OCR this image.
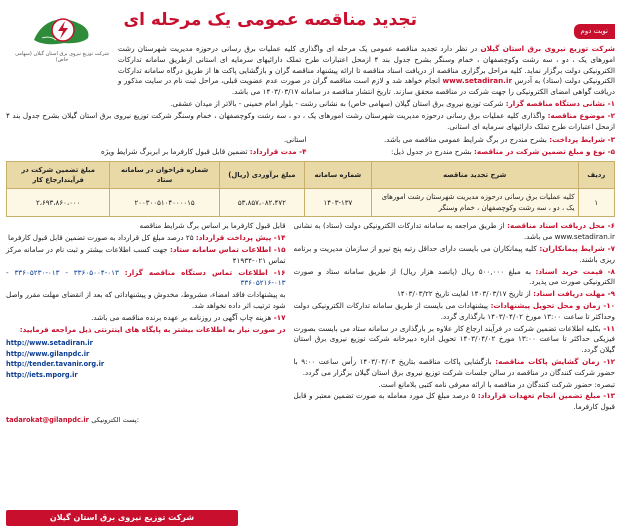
نوبت دوم
تجدید مناقصه عمومی یک مرحله ای
شرکت توزیع نیروی برق استان گیلان (سهامی خاص)
شرکت توزیع نیروی برق استان گیلان در نظر دارد تجدید مناقصه عمومی یک مرحله ای واگذاری کلیه عملیات برق رسانی درحوزه مدیریت شهرستان رشت امورهای یک ، دو ، سه رشت وکوچصفهان ، خمام وسنگر بشرح جدول بند ۴ ازمحل اعتبارات طرح تملک دارائیهای سرمایه ای استانی ازطریق سامانه تدارکات الکترونیکی دولت برگزار نماید. کلیه مراحل برگزاری مناقصه از دریافت اسناد مناقصه تا ارائه پیشنهاد مناقصه گران و بازگشایی پاکت ها از طریق درگاه سامانه تدارکات الکترونیکی دولت (ستاد) به آدرس www.setadiran.ir انجام خواهد شد و لازم است مناقصه گران در صورت عدم عضویت قبلی، مراحل ثبت نام در سایت مذکور و دریافت گواهی امضای الکترونیکی را جهت شرکت در مناقصه محقق سازند. تاریخ انتشار مناقصه در سامانه ۱۴۰۳/۰۳/۱۷ می باشد.
۱- نشانی دستگاه مناقصه گزار: شرکت توزیع نیروی برق استان گیلان (سهامی خاص) به نشانی رشت - بلوار امام خمینی - بالاتر از میدان عشقی.
۲- موضوع مناقصه: واگذاری کلیه عملیات برق رسانی درحوزه مدیریت شهرستان رشت امورهای یک ، دو ، سه رشت وکوچصفهان ، خمام وسنگر شرکت توزیع نیروی برق استان گیلان بشرح جدول بند ۴ ازمحل اعتبارات طرح تملک دارائیهای سرمایه ای استانی.
۳- شرایط پرداخت: بشرح مندرج در برگ شرایط عمومی مناقصه می باشد.
۵- نوع و مبلغ تضمین شرکت در مناقصه: بشرح مندرج در جدول ذیل:
استانی.
۴- مدت قرارداد: تضمین قابل قبول کارفرما بر ابربرگ شرایط ویژه
ردیف	شرح تجدید مناقصه	شماره سامانه	مبلغ برآوردی (ریال)	شماره فراخوان در سامانه ستاد	مبلغ تضمین شرکت در فرآیندارجاع کار
۱	کلیه عملیات برق رسانی درحوزه مدیریت شهرستان رشت امورهای یک ، دو ، سه رشت وکوچصفهان ، خمام وسنگر	۱۴۰۳-۱۳۷	۵۳،۸۵۷،۰۸۲،۴۷۲	۲۰۰۳۰۰۵۱۰۴۰۰۰۰۱۵	۲،۶۹۳،۸۶۰،۰۰۰
۶- محل دریافت اسناد مناقصه: از طریق مراجعه به سامانه تدارکات الکترونیکی دولت (ستاد) به نشانی www.setadiran.ir می باشد.
۷- شرایط پیمانکاران: کلیه پیمانکاران می بایست دارای حداقل رتبه پنج نیرو از سازمان مدیریت و برنامه ریزی باشند.
۸- قیمت خرید اسناد: به مبلغ ۵۰۰,۰۰۰ ریال (پانصد هزار ریال) از طریق سامانه ستاد و صورت الکترونیکی صورت می پذیرد.
۹- مهلت دریافت اسناد: از تاریخ ۱۴۰۳/۰۳/۱۷ لغایت تاریخ ۱۴۰۳/۰۳/۲۲
۱۰- زمان و محل تحویل پیشنهادات: پیشنهادات می بایست از طریق سامانه تدارکات الکترونیکی دولت وحداکثر تا ساعت ۱۳:۰۰ مورخ ۱۴۰۳/۰۴/۰۲ بارگذاری گردد.
۱۱- بکلیه اطلاعات تضمین شرکت در فرآیند ارجاع کار علاوه بر بارگذاری در سامانه ستاد می بایست بصورت فیزیکی حداکثر تا ساعت ۱۳:۰۰ مورخ ۱۴۰۳/۰۴/۰۲ تحویل اداره دبیرخانه شرکت توزیع نیروی برق استان گیلان گردد.
۱۲- زمان گشایش پاکات مناقصه: بازگشایی پاکات مناقصه بتاریخ ۱۴۰۳/۰۴/۰۳ رأس ساعت ۹:۰۰ با حضور شرکت کنندگان در مناقصه در سالن جلسات شرکت توزیع نیروی برق استان گیلان برگزار می گردد.
تبصره: حضور شرکت کنندگان در مناقصه با ارائه معرفی نامه کتبی بلامانع است.
۱۳- مبلغ تضمین انجام تعهدات قرارداد: ۵ درصد مبلغ کل مورد معامله به صورت تضمین معتبر و قابل قبول کارفرما.
قابل قبول کارفرما بر اساس برگ شرایط مناقصه
۱۴- پیش پرداخت قرارداد: ۲۵ درصد مبلغ کل قرارداد به صورت تضمین قابل قبول کارفرما
۱۵- اطلاعات تماس سامانه ستاد: جهت کسب اطلاعات بیشتر و ثبت نام در سامانه مرکز تماس ۰۲۱-۴۱۹۳۴
۱۶- اطلاعات تماس دستگاه مناقصه گزار: ۰۱۳-۳۳۶۰۵۰۰۴ - ۰۱۳-۳۳۶۰۵۲۳۰ - ۰۱۳-۳۳۶۰۵۲۱۶
به پیشنهادات فاقد امضاء، مشروط، مخدوش و پیشنهاداتی که بعد از انقضای مهلت مقرر واصل شود ترتیب اثر داده نخواهد شد.
۱۷- هزینه چاپ آگهی در روزنامه بر عهده برنده مناقصه می باشد.
در صورت نیاز به اطلاعات بیشتر به پایگاه های اینترنتی ذیل مراجعه فرمایید:
http://www.setadiran.ir
http://www.gilanpdc.ir
http://tender.tavanir.org.ir
http://iets.mporg.ir
tadarokat@gilanpdc.ir پست الکترونیکی:
شرکت توزیع نیروی برق استان گیلان
